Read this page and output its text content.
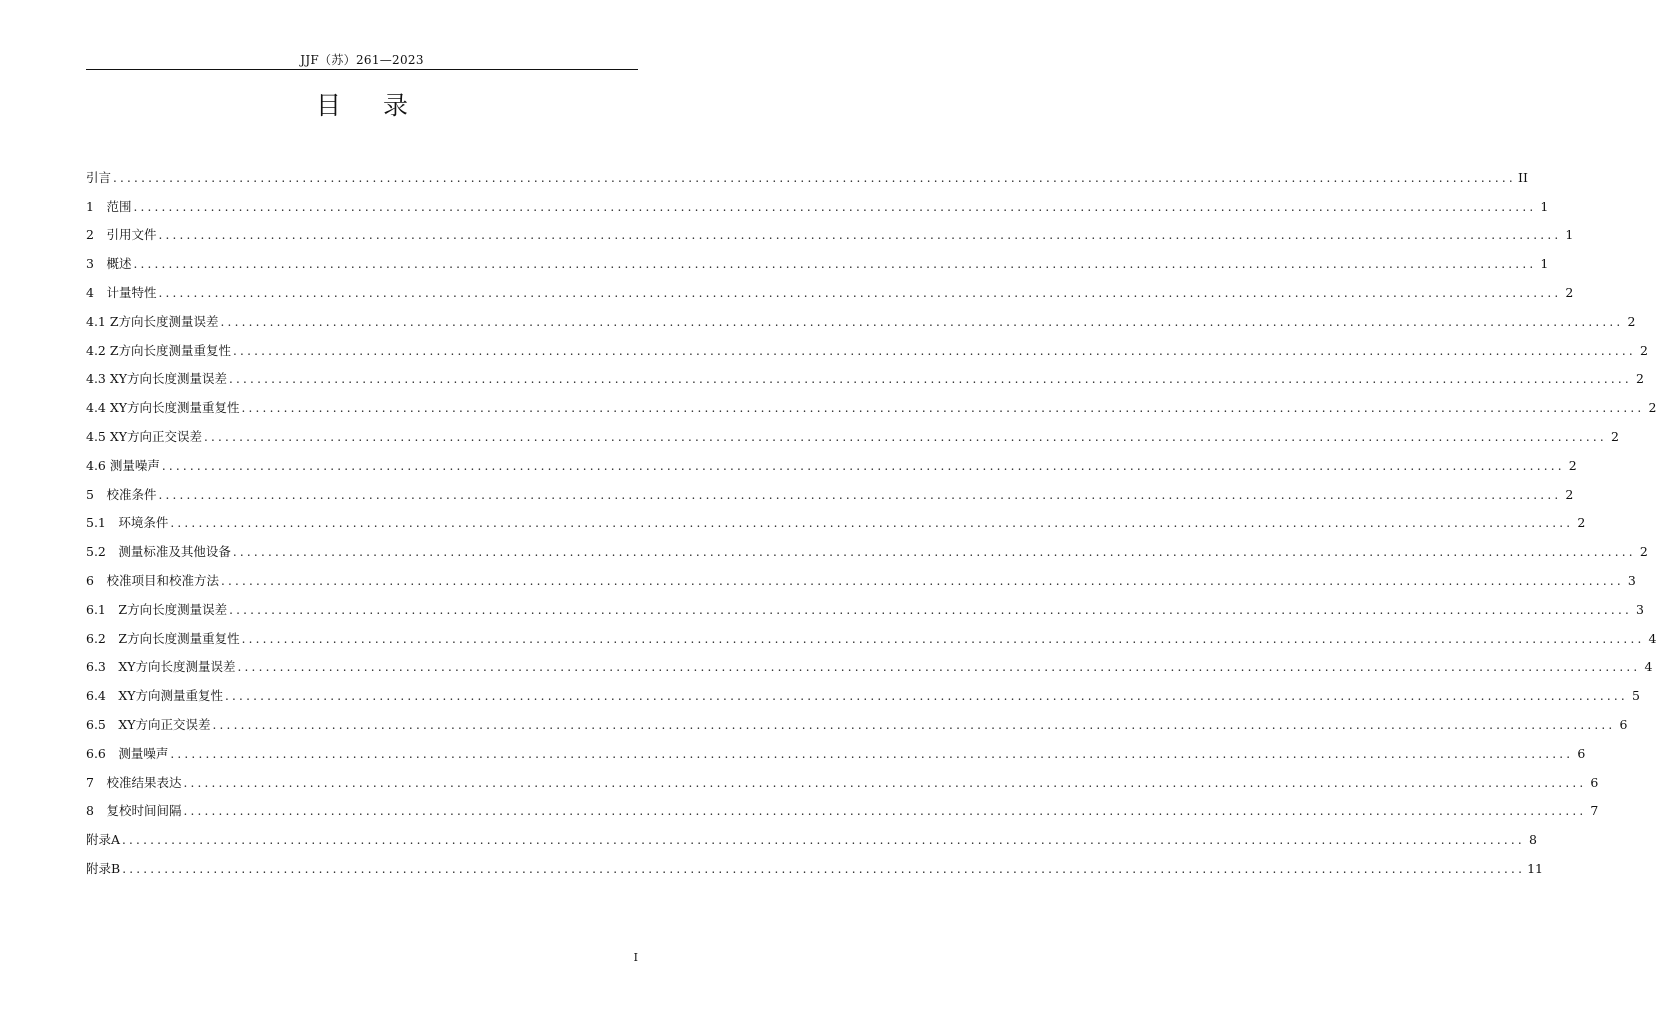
JJF（苏）261—2023
目录
引言 ........................................................................................................................................................................................................ II
1　范围 ........................................................................................................................................................................................................ 1
2　引用文件 ........................................................................................................................................................................................................ 1
3　概述 ........................................................................................................................................................................................................ 1
4　计量特性 ........................................................................................................................................................................................................ 2
4.1 Z方向长度测量误差 ........................................................................................................................................................................................................ 2
4.2 Z方向长度测量重复性 ........................................................................................................................................................................................................ 2
4.3 XY方向长度测量误差 ........................................................................................................................................................................................................ 2
4.4 XY方向长度测量重复性 ........................................................................................................................................................................................................ 2
4.5 XY方向正交误差 ........................................................................................................................................................................................................ 2
4.6 测量噪声 ........................................................................................................................................................................................................ 2
5　校准条件 ........................................................................................................................................................................................................ 2
5.1　环境条件 ........................................................................................................................................................................................................ 2
5.2　测量标准及其他设备 ........................................................................................................................................................................................................ 2
6　校准项目和校准方法 ........................................................................................................................................................................................................ 3
6.1　Z方向长度测量误差 ........................................................................................................................................................................................................ 3
6.2　Z方向长度测量重复性 ........................................................................................................................................................................................................ 4
6.3　XY方向长度测量误差 ........................................................................................................................................................................................................ 4
6.4　XY方向测量重复性 ........................................................................................................................................................................................................ 5
6.5　XY方向正交误差 ........................................................................................................................................................................................................ 6
6.6　测量噪声 ........................................................................................................................................................................................................ 6
7　校准结果表达 ........................................................................................................................................................................................................ 6
8　复校时间间隔 ........................................................................................................................................................................................................ 7
附录A ........................................................................................................................................................................................................ 8
附录B ........................................................................................................................................................................................................ 11
I
